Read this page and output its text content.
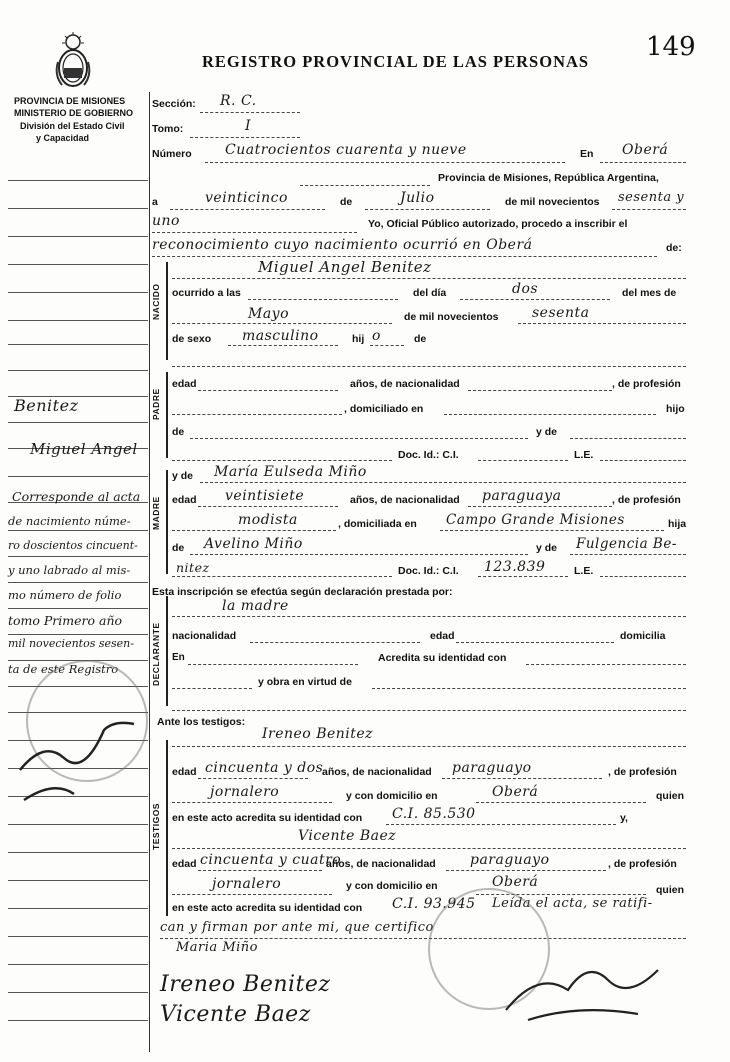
149
REGISTRO PROVINCIAL DE LAS PERSONAS
PROVINCIA DE MISIONES
MINISTERIO DE GOBIERNO
División del Estado Civil
y Capacidad
Benitez
Miguel Angel
Corresponde al acta
de nacimiento núme-
ro doscientos cincuent-
y uno labrado al mis-
mo número de folio
tomo Primero año
mil novecientos sesen-
ta de este Registro
Sección: R. C.
Tomo:	I
Número Cuatrocientos cuarenta y nueve	En Oberá
Provincia de Misiones, República Argentina,
a	veinticinco	de	Julio	de mil novecientos sesenta y
uno	Yo, Oficial Público autorizado, procedo a inscribir el
reconocimiento cuyo nacimiento ocurrió en Oberá	de:
NACIDO
Miguel Angel Benitez
ocurrido a las	del día	dos	del mes de
Mayo	de mil novecientos sesenta
de sexo masculino	hij o	de
PADRE
edad	años, de nacionalidad	, de profesión
, domiciliado en	hijo
de	y de
Doc. Id.: C.I.	L.E.
MADRE
y de María Eulseda Miño
edad veintisiete	años, de nacionalidad paraguaya	, de profesión
modista	, domiciliada en Campo Grande Misiones	hija
de Avelino Miño	y de Fulgencia Be-
nitez	Doc. Id.: C.I. 123.839	L.E.
Esta inscripción se efectúa según declaración prestada por:
DECLARANTE
la madre
nacionalidad	edad	domicilia
En	Acredita su identidad con
y obra en virtud de
Ante los testigos:
TESTIGOS
Ireneo Benitez
edad cincuenta y dos
años, de nacionalidad paraguayo	, de profesión
jornalero	y con domicilio en	Oberá	quien
en este acto acredita su identidad con C.I. 85.530	y,
Vicente Baez
edad cincuenta y cuatro
años, de nacionalidad paraguayo	, de profesión
jornalero	y con domicilio en	Oberá	quien
en este acto acredita su identidad con C.I. 93.945 Leída el acta, se ratifi-
can y firman por ante mi, que certifico
Maria Miño
Ireneo Benitez
Vicente Baez
